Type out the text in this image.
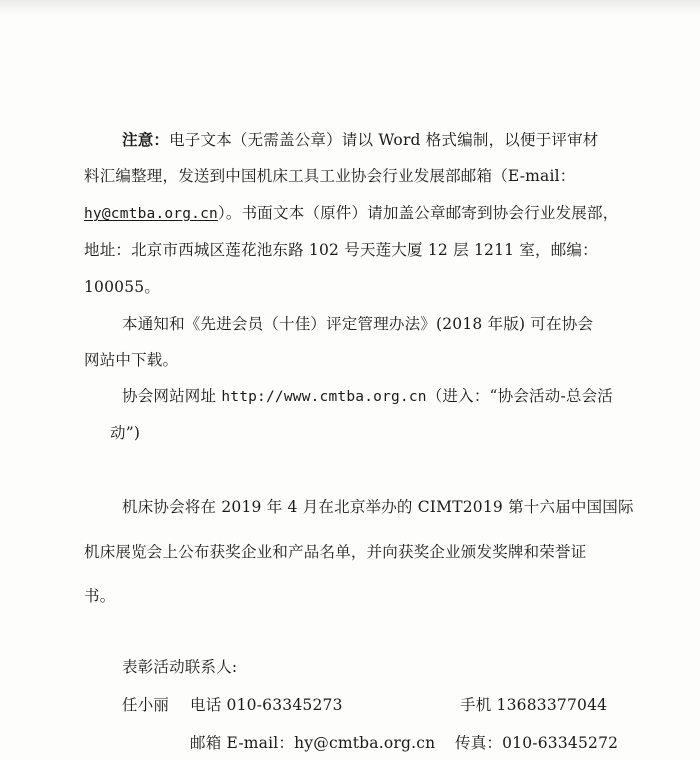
注意：电子文本（无需盖公章）请以 Word 格式编制，以便于评审材
料汇编整理，发送到中国机床工具工业协会行业发展部邮箱（E-mail：
hy@cmtba.org.cn）。书面文本（原件）请加盖公章邮寄到协会行业发展部，
地址：北京市西城区莲花池东路 102 号天莲大厦 12 层 1211 室，邮编：
100055。
本通知和《先进会员（十佳）评定管理办法》(2018 年版) 可在协会
网站中下载。
协会网站网址 http://www.cmtba.org.cn（进入：“协会活动-总会活
动”)
机床协会将在 2019 年 4 月在北京举办的 CIMT2019 第十六届中国国际
机床展览会上公布获奖企业和产品名单，并向获奖企业颁发奖牌和荣誉证
书。
表彰活动联系人:
任小丽 电话 010-63345273	手机 13683377044
邮箱 E-mail：hy@cmtba.org.cn 传真：010-63345272
